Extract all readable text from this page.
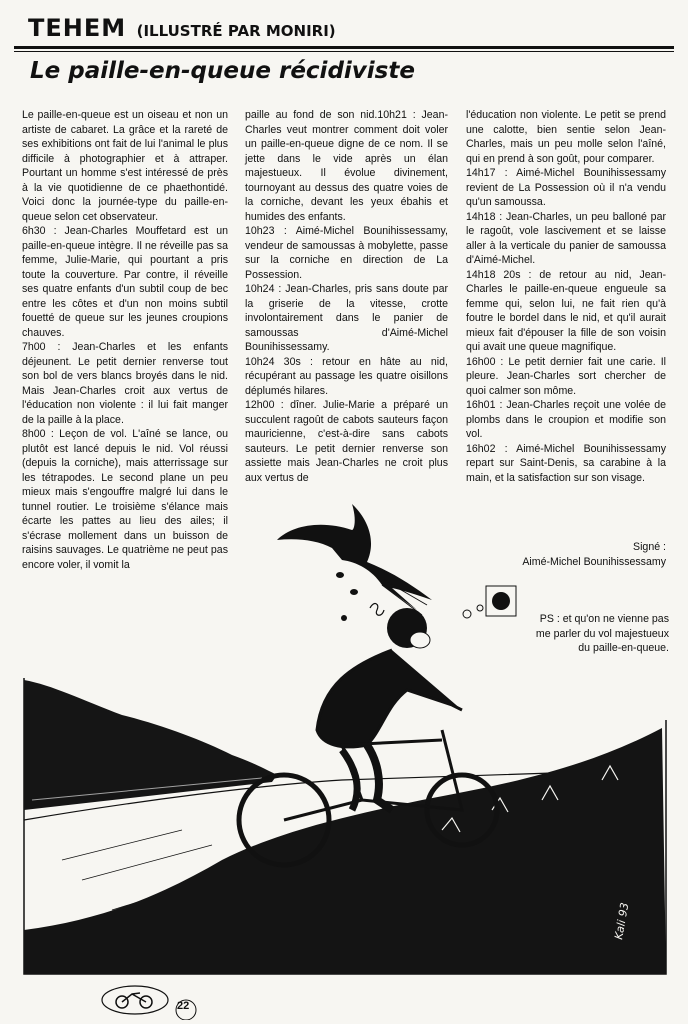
TEHEM (ILLUSTRÉ PAR MONIRI)
Le paille-en-queue récidiviste

Le paille-en-queue est un oiseau et non un artiste de cabaret. La grâce et la rareté de ses exhibitions ont fait de lui l'animal le plus difficile à photographier et à attraper. Pourtant un homme s'est intéressé de près à la vie quotidienne de ce phaethontidé. Voici donc la journée-type du paille-en-queue selon cet observateur.

6h30 : Jean-Charles Mouffetard est un paille-en-queue intègre. Il ne réveille pas sa femme, Julie-Marie, qui pourtant a pris toute la couverture. Par contre, il réveille ses quatre enfants d'un subtil coup de bec entre les côtes et d'un non moins subtil fouetté de queue sur les jeunes croupions chauves.

7h00 : Jean-Charles et les enfants déjeunent. Le petit dernier renverse tout son bol de vers blancs broyés dans le nid. Mais Jean-Charles croit aux vertus de l'éducation non violente : il lui fait manger de la paille à la place.

8h00 : Leçon de vol. L'aîné se lance, ou plutôt est lancé depuis le nid. Vol réussi (depuis la corniche), mais atterrissage sur les tétrapodes. Le second plane un peu mieux mais s'engouffre malgré lui dans le tunnel routier. Le troisième s'élance mais écarte les pattes au lieu des ailes; il s'écrase mollement dans un buisson de raisins sauvages. Le quatrième ne peut pas encore voler, il vomit la

paille au fond de son nid.10h21 : Jean-Charles veut montrer comment doit voler un paille-en-queue digne de ce nom. Il se jette dans le vide après un élan majestueux. Il évolue divinement, tournoyant au dessus des quatre voies de la corniche, devant les yeux ébahis et humides des enfants.

10h23 : Aimé-Michel Bounihissessamy, vendeur de samoussas à mobylette, passe sur la corniche en direction de La Possession.

10h24 : Jean-Charles, pris sans doute par la griserie de la vitesse, crotte involontairement dans le panier de samoussas d'Aimé-Michel Bounihissessamy.

10h24 30s : retour en hâte au nid, récupérant au passage les quatre oisillons déplumés hilares.

12h00 : dîner. Julie-Marie a préparé un succulent ragoût de cabots sauteurs façon mauricienne, c'est-à-dire sans cabots sauteurs. Le petit dernier renverse son assiette mais Jean-Charles ne croit plus aux vertus de

l'éducation non violente. Le petit se prend une calotte, bien sentie selon Jean-Charles, mais un peu molle selon l'aîné, qui en prend à son goût, pour comparer.

14h17 : Aimé-Michel Bounihissessamy revient de La Possession où il n'a vendu qu'un samoussa.

14h18 : Jean-Charles, un peu balloné par le ragoût, vole lascivement et se laisse aller à la verticale du panier de samoussa d'Aimé-Michel.

14h18 20s : de retour au nid, Jean-Charles le paille-en-queue engueule sa femme qui, selon lui, ne fait rien qu'à foutre le bordel dans le nid, et qu'il aurait mieux fait d'épouser la fille de son voisin qui avait une queue magnifique.

16h00 : Le petit dernier fait une carie. Il pleure. Jean-Charles sort chercher de quoi calmer son môme.

16h01 : Jean-Charles reçoit une volée de plombs dans le croupion et modifie son vol.

16h02 : Aimé-Michel Bounihissessamy repart sur Saint-Denis, sa carabine à la main, et la satisfaction sur son visage.

Signé :
Aimé-Michel Bounihissessamy
PS : et qu'on ne vienne pas me parler du vol majestueux du paille-en-queue.
Kali 93
22
